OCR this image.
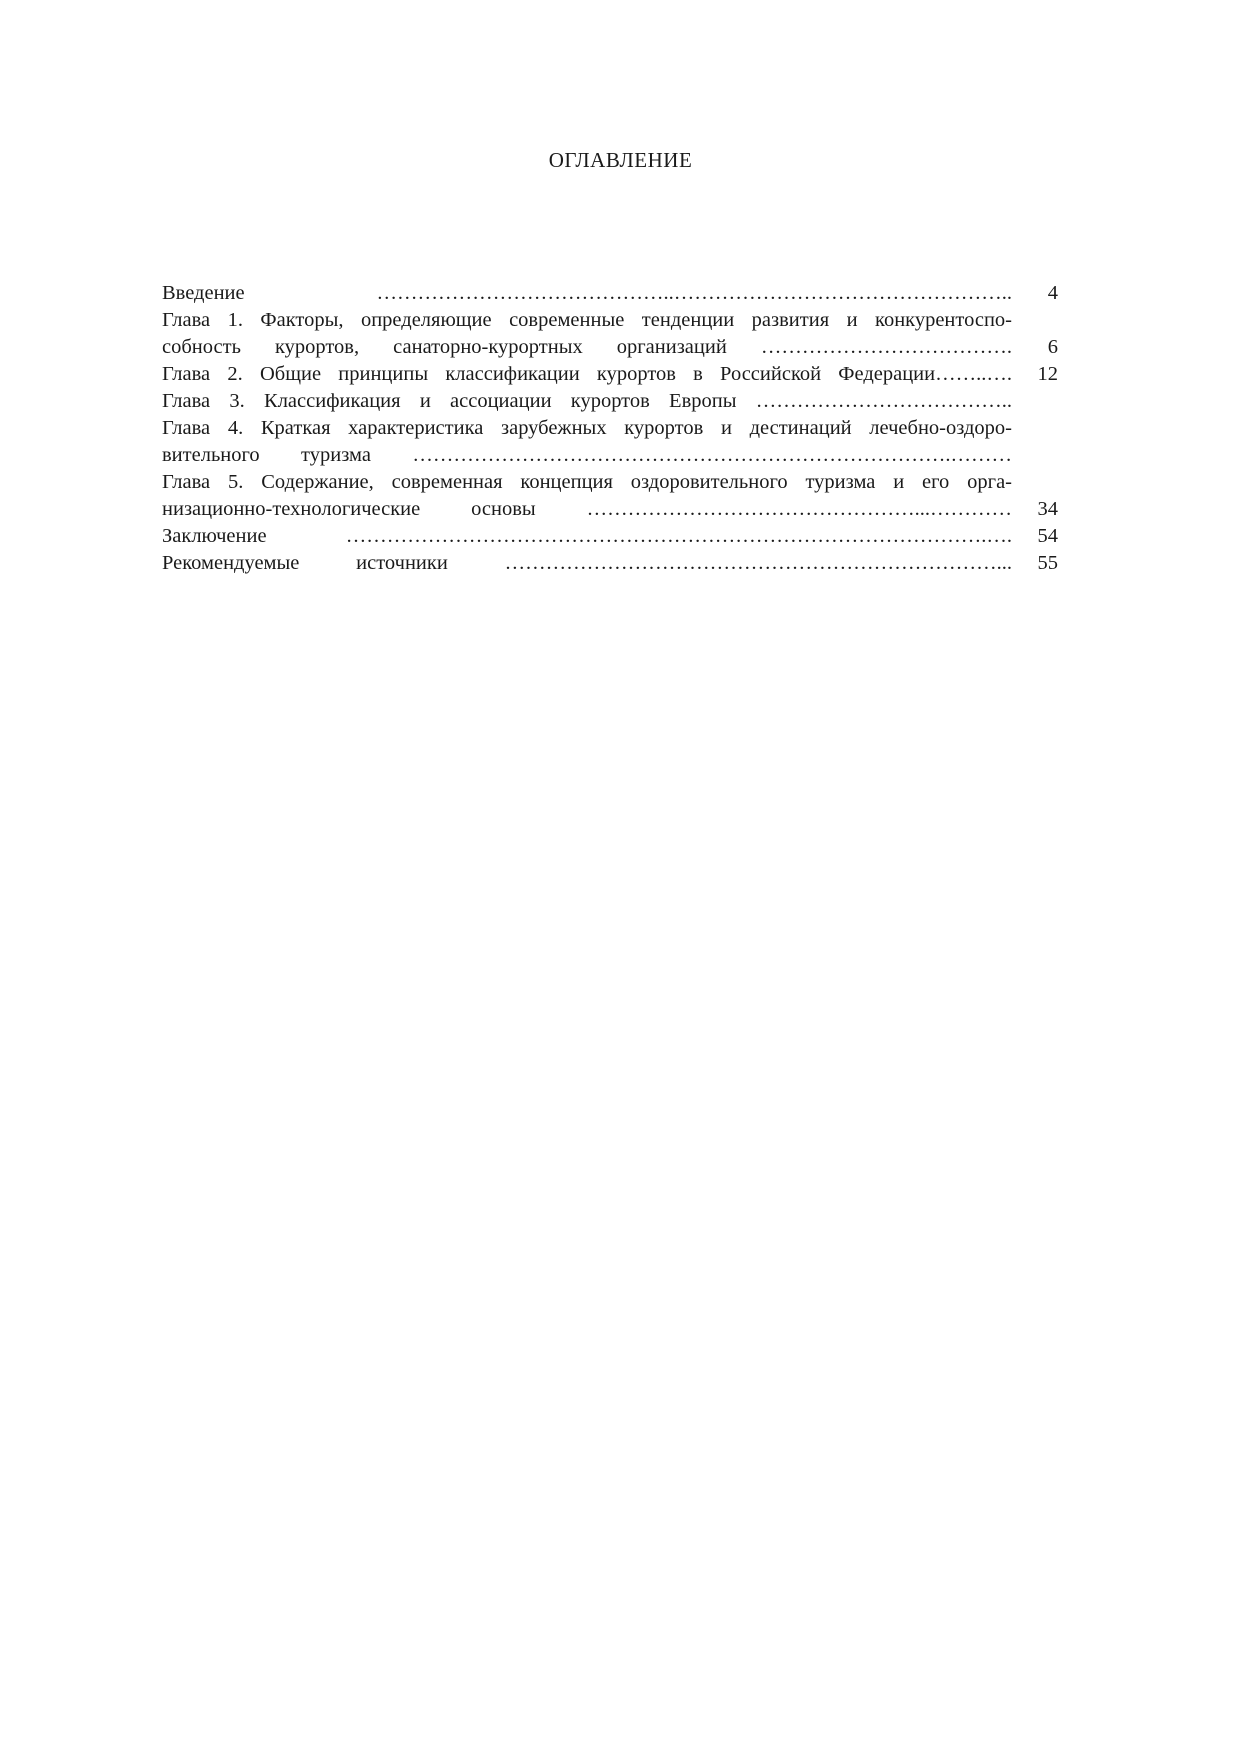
ОГЛАВЛЕНИЕ
Введение ……………………………………..…………………………………………..	4
Глава 1. Факторы, определяющие современные тенденции развития и конкурентоспо-
собность курортов, санаторно-курортных организаций ……………………………….	6
Глава 2. Общие принципы классификации курортов в Российской Федерации……..….	12
Глава 3. Классификация и ассоциации курортов Европы ………………………………..
Глава 4. Краткая характеристика зарубежных курортов и дестинаций лечебно-оздоро-
вительного туризма …………………………………………………………………….………
Глава 5. Содержание, современная концепция оздоровительного туризма и его орга-
низационно-технологические основы …………………………………………...…………	34
Заключение ………………………………………………………………………………….….	54
Рекомендуемые источники ………………………………………………………………...	55
